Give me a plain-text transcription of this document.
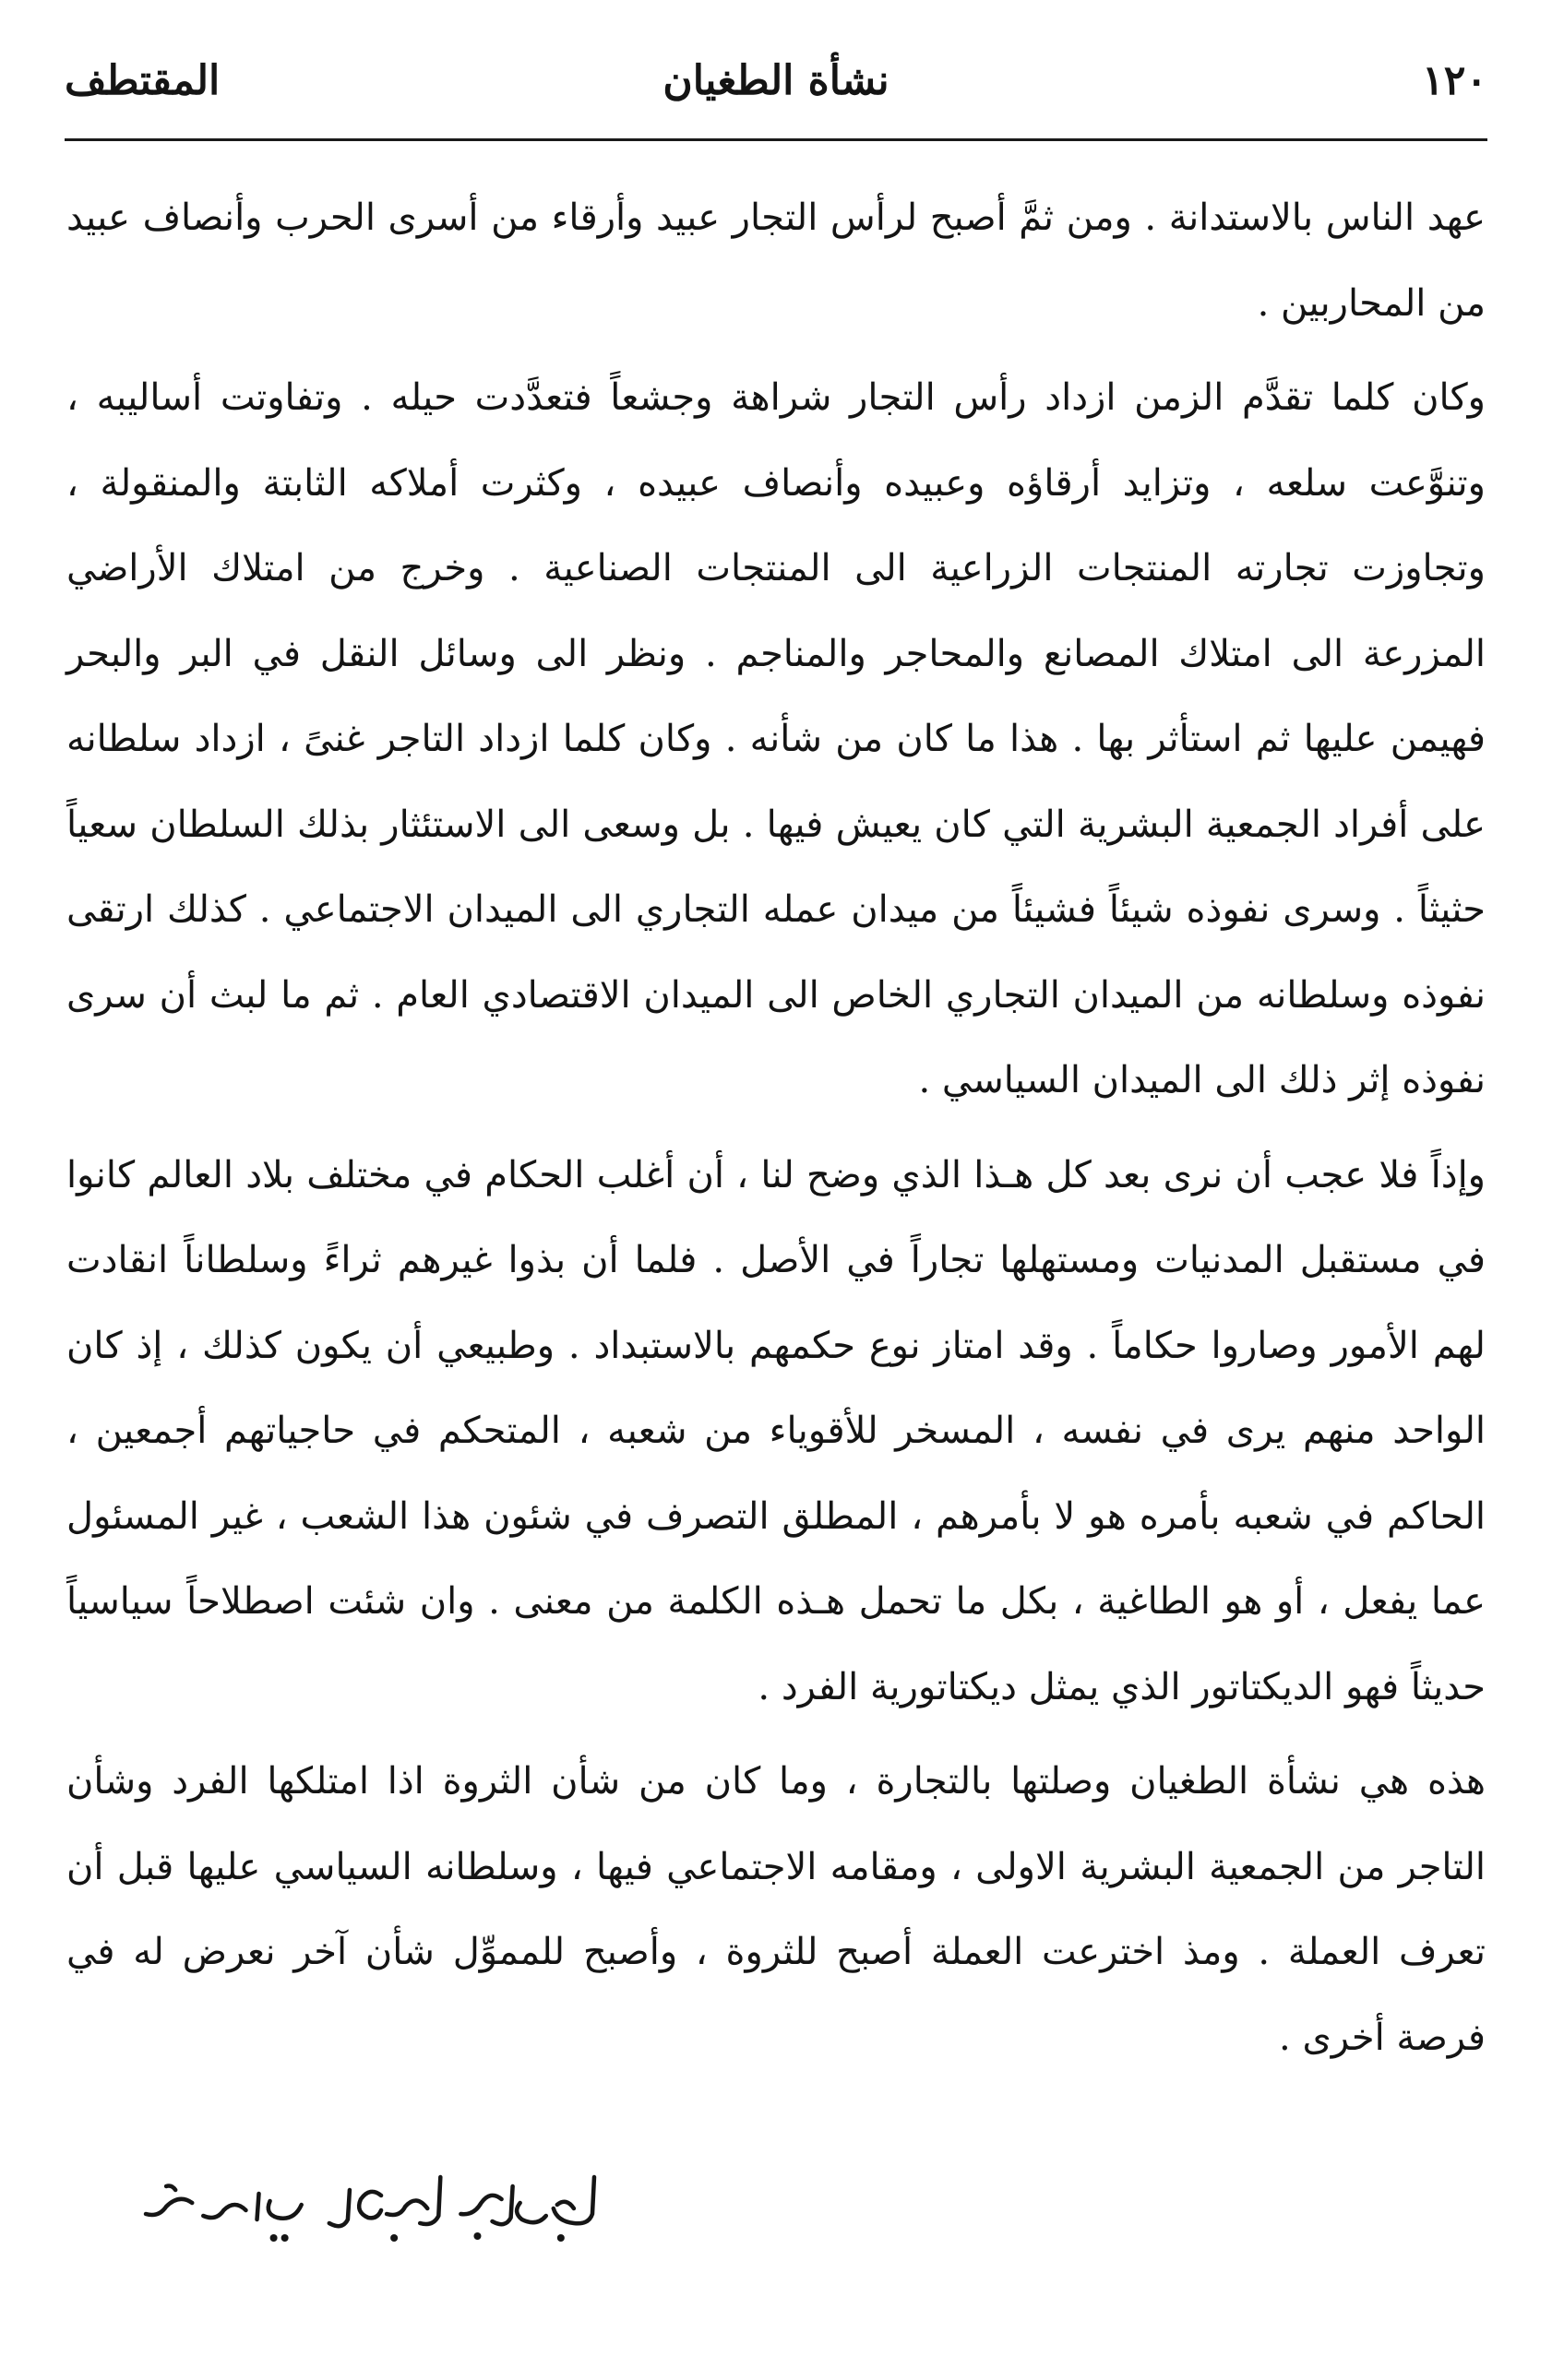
المقتطف	نشأة الطغيان	١٢٠

عهد الناس بالاستدانة . ومن ثمَّ أصبح لرأس التجار عبيد وأرقاء من أسرى الحرب وأنصاف عبيد من المحاربين .

وكان كلما تقدَّم الزمن ازداد رأس التجار شراهة وجشعاً فتعدَّدت حيله . وتفاوتت أساليبه ، وتنوَّعت سلعه ، وتزايد أرقاؤه وعبيده وأنصاف عبيده ، وكثرت أملاكه الثابتة والمنقولة ، وتجاوزت تجارته المنتجات الزراعية الى المنتجات الصناعية . وخرج من امتلاك الأراضي المزرعة الى امتلاك المصانع والمحاجر والمناجم . ونظر الى وسائل النقل في البر والبحر فهيمن عليها ثم استأثر بها . هذا ما كان من شأنه . وكان كلما ازداد التاجر غنىً ، ازداد سلطانه على أفراد الجمعية البشرية التي كان يعيش فيها . بل وسعى الى الاستئثار بذلك السلطان سعياً حثيثاً . وسرى نفوذه شيئاً فشيئاً من ميدان عمله التجاري الى الميدان الاجتماعي . كذلك ارتقى نفوذه وسلطانه من الميدان التجاري الخاص الى الميدان الاقتصادي العام . ثم ما لبث أن سرى نفوذه إثر ذلك الى الميدان السياسي .

وإذاً فلا عجب أن نرى بعد كل هـذا الذي وضح لنا ، أن أغلب الحكام في مختلف بلاد العالم كانوا في مستقبل المدنيات ومستهلها تجاراً في الأصل . فلما أن بذوا غيرهم ثراءً وسلطاناً انقادت لهم الأمور وصاروا حكاماً . وقد امتاز نوع حكمهم بالاستبداد . وطبيعي أن يكون كذلك ، إذ كان الواحد منهم يرى في نفسه ، المسخر للأقوياء من شعبه ، المتحكم في حاجياتهم أجمعين ، الحاكم في شعبه بأمره هو لا بأمرهم ، المطلق التصرف في شئون هذا الشعب ، غير المسئول عما يفعل ، أو هو الطاغية ، بكل ما تحمل هـذه الكلمة من معنى . وان شئت اصطلاحاً سياسياً حديثاً فهو الديكتاتور الذي يمثل ديكتاتورية الفرد .

هذه هي نشأة الطغيان وصلتها بالتجارة ، وما كان من شأن الثروة اذا امتلكها الفرد وشأن التاجر من الجمعية البشرية الاولى ، ومقامه الاجتماعي فيها ، وسلطانه السياسي عليها قبل أن تعرف العملة . ومذ اخترعت العملة أصبح للثروة ، وأصبح للمموِّل شأن آخر نعرض له في فرصة أخرى .
